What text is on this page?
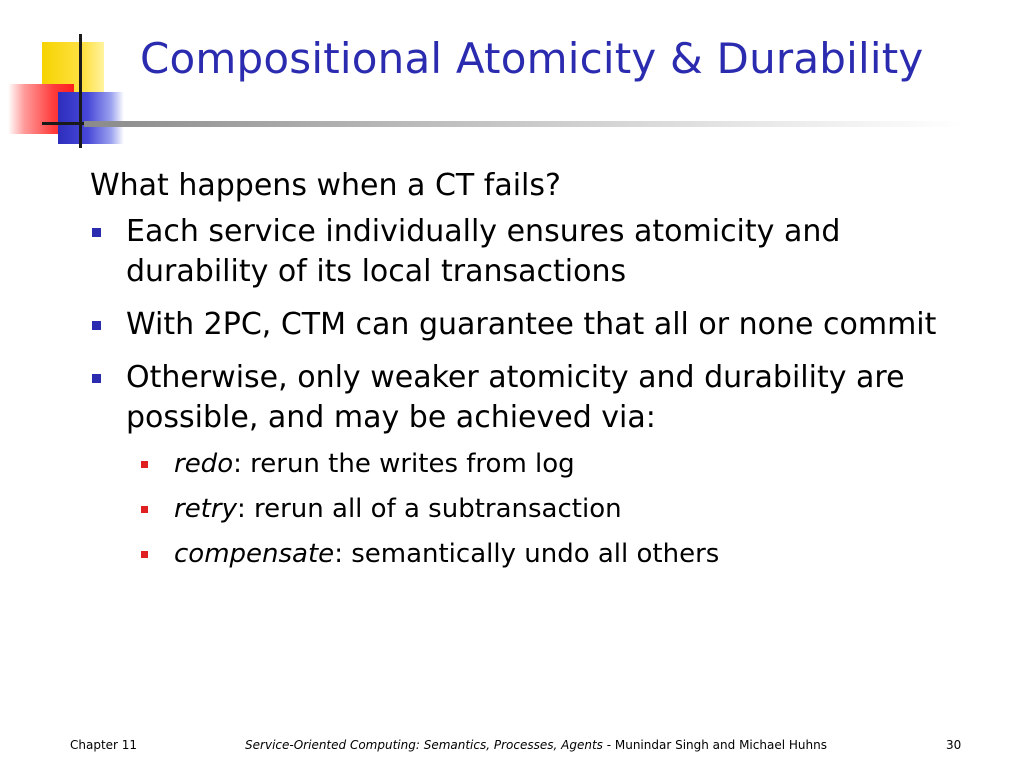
Compositional Atomicity & Durability
What happens when a CT fails?
Each service individually ensures atomicity and durability of its local transactions
With 2PC, CTM can guarantee that all or none commit
Otherwise, only weaker atomicity and durability are possible, and may be achieved via:
redo: rerun the writes from log
retry: rerun all of a subtransaction
compensate: semantically undo all others
Chapter 11	Service-Oriented Computing: Semantics, Processes, Agents - Munindar Singh and Michael Huhns	30
